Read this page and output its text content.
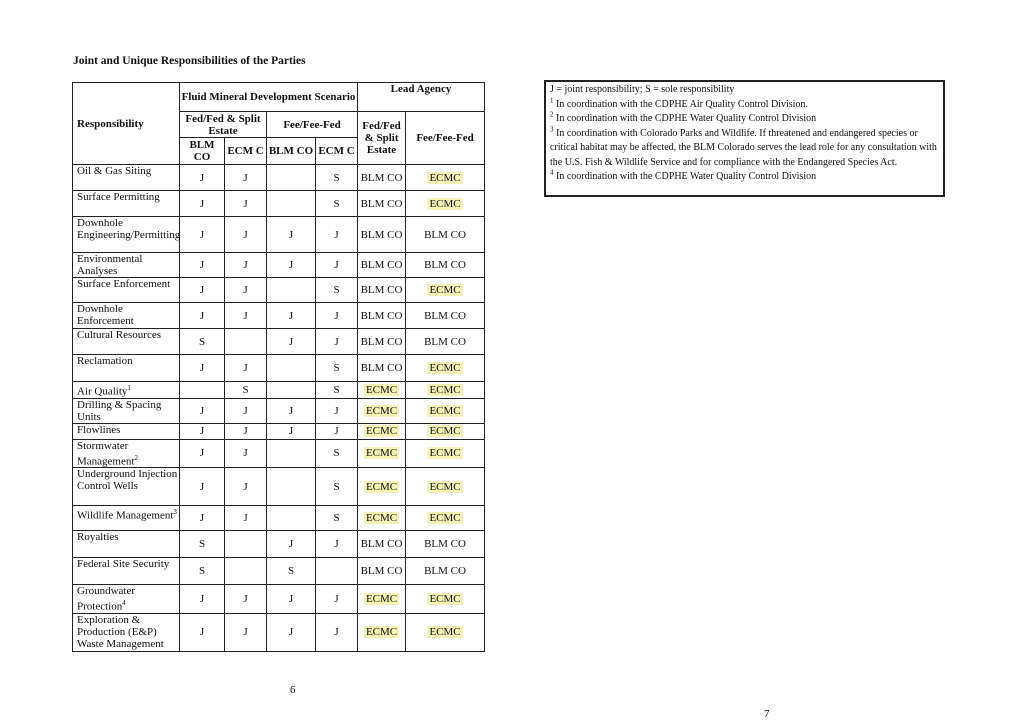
Joint and Unique Responsibilities of the Parties
Responsibility	Fluid Mineral Development Scenario				Lead Agency	
	Fed/Fed & Split Estate		Fee/Fee-Fed		Fed/Fed & Split Estate	Fee/Fee-Fed
	BLM CO	ECM C	BLM CO	ECM C		
Oil & Gas Siting	J	J		S	BLM CO	ECMC
Surface Permitting	J	J		S	BLM CO	ECMC
Downhole Engineering/Permitting	J	J	J	J	BLM CO	BLM CO
Environmental Analyses	J	J	J	J	BLM CO	BLM CO
Surface Enforcement	J	J		S	BLM CO	ECMC
Downhole Enforcement	J	J	J	J	BLM CO	BLM CO
Cultural Resources	S		J	J	BLM CO	BLM CO
Reclamation	J	J		S	BLM CO	ECMC
Air Quality$^1$		S		S	ECMC	ECMC
Drilling & Spacing Units	J	J	J	J	ECMC	ECMC
Flowlines	J	J	J	J	ECMC	ECMC
Stormwater Management$^2$	J	J		S	ECMC	ECMC
Underground Injection Control Wells	J	J		S	ECMC	ECMC
Wildlife Management$^3$	J	J		S	ECMC	ECMC
Royalties	S		J	J	BLM CO	BLM CO
Federal Site Security	S		S		BLM CO	BLM CO
Groundwater Protection$^4$	J	J	J	J	ECMC	ECMC
Exploration & Production (E&P) Waste Management	J	J	J	J	ECMC	ECMC
J = joint responsibility; S = sole responsibility
$^1$ In coordination with the CDPHE Air Quality Control Division.
$^2$ In coordination with the CDPHE Water Quality Control Division
$^3$ In coordination with Colorado Parks and Wildlife. If threatened and endangered species or critical habitat may be affected, the BLM Colorado serves the lead role for any consultation with the U.S. Fish & Wildlife Service and for compliance with the Endangered Species Act.
$^4$ In coordination with the CDPHE Water Quality Control Division
6
7
